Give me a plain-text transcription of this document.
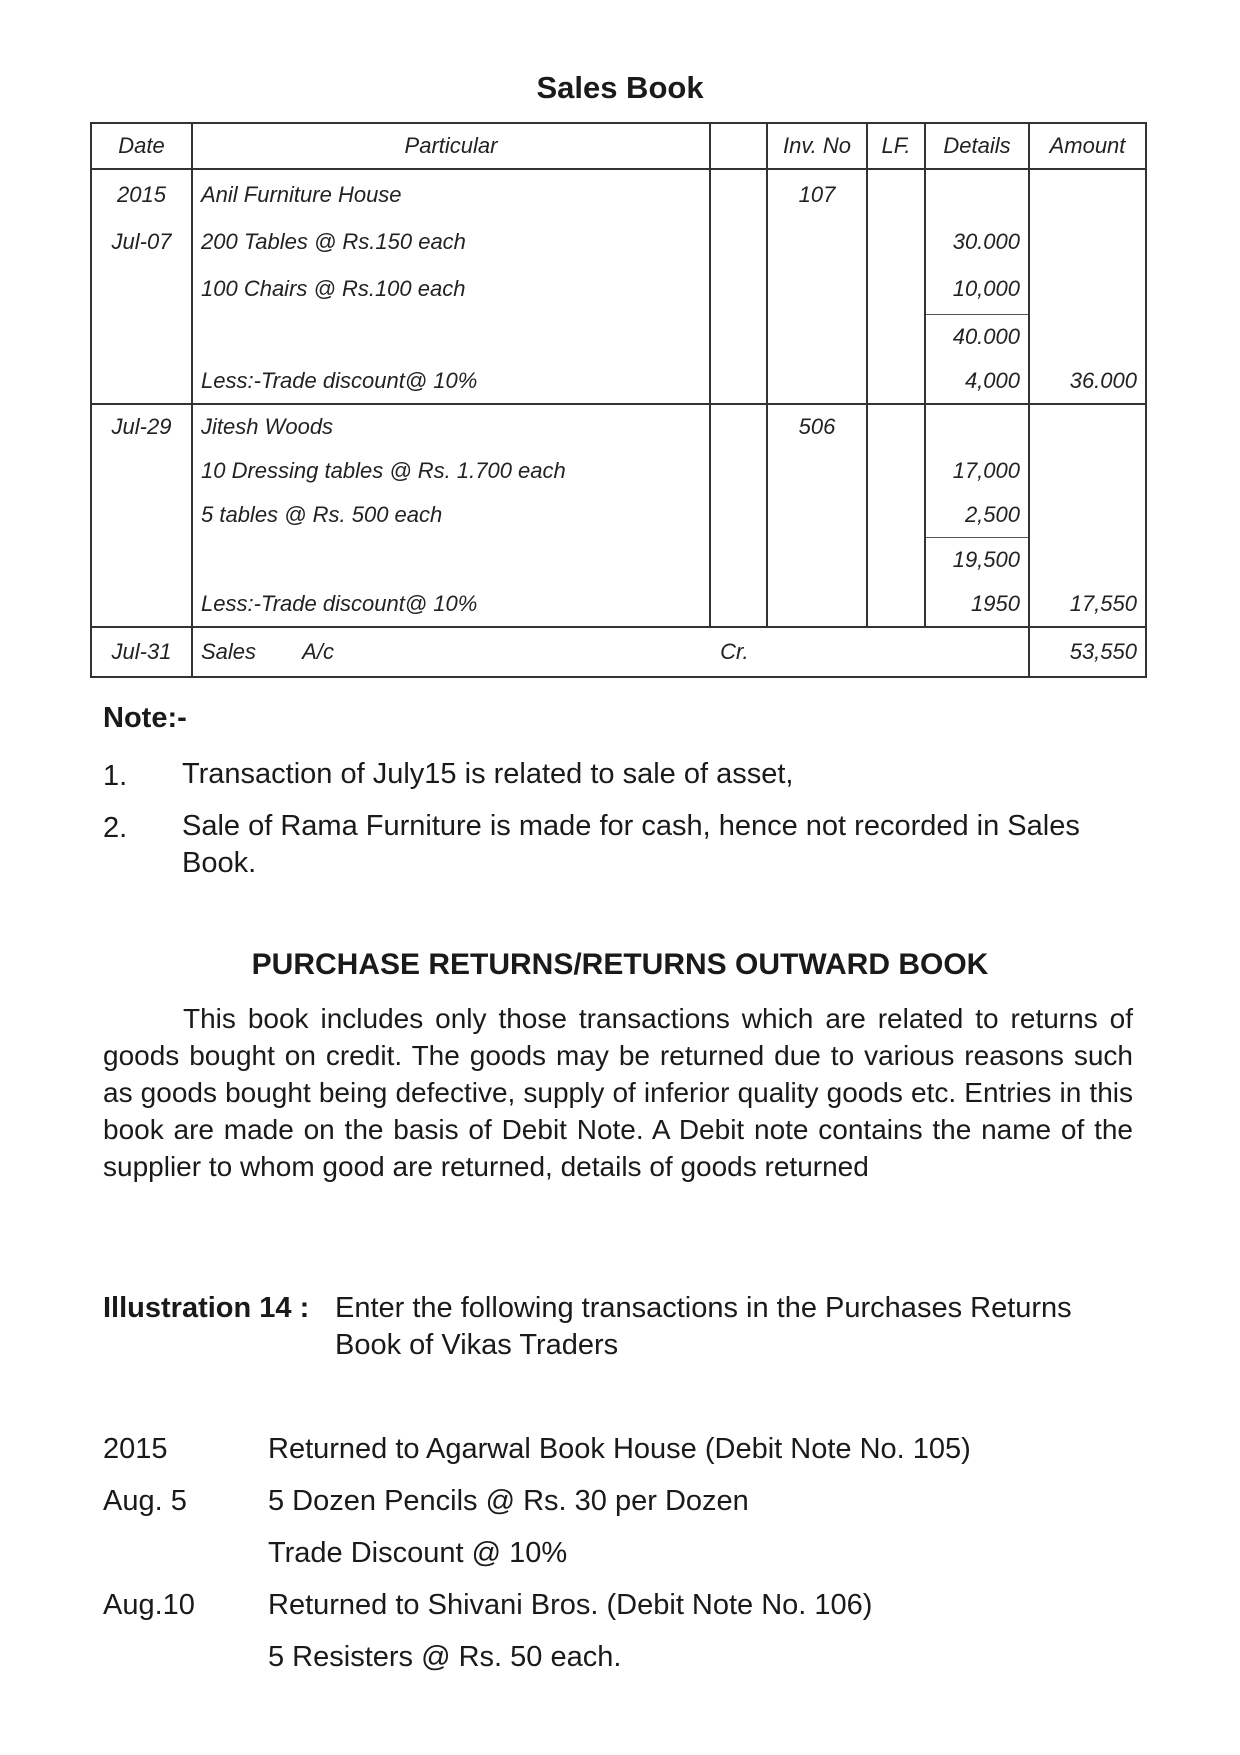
Sales Book
Date	Particular		Inv. No	LF.	Details	Amount
2015	Anil Furniture House		107			
Jul-07	200 Tables @ Rs.150 each				30.000	
	100 Chairs @ Rs.100 each				10,000	
					40.000	
	Less:-Trade discount@ 10%				4,000	36.000
Jul-29	Jitesh Woods		506			
	10 Dressing tables @ Rs. 1.700 each				17,000	
	5 tables @ Rs. 500 each				2,500	
					19,500	
	Less:-Trade discount@ 10%				1950	17,550
Jul-31	Sales A/c Cr.					53,550
Note:-
1. Transaction of July15 is related to sale of asset,
2. Sale of Rama Furniture is made for cash, hence not recorded in Sales Book.
PURCHASE RETURNS/RETURNS OUTWARD BOOK
This book includes only those transactions which are related to returns of goods bought on credit. The goods may be returned due to various reasons such as goods bought being defective, supply of inferior quality goods etc. Entries in this book are made on the basis of Debit Note. A Debit note contains the name of the supplier to whom good are returned, details of goods returned
Illustration 14 : Enter the following transactions in the Purchases Returns Book of Vikas Traders
2015	Returned to Agarwal Book House (Debit Note No. 105)
Aug. 5	5 Dozen Pencils @ Rs. 30 per Dozen
Trade Discount @ 10%
Aug.10	Returned to Shivani Bros. (Debit Note No. 106)
5 Resisters @ Rs. 50 each.
